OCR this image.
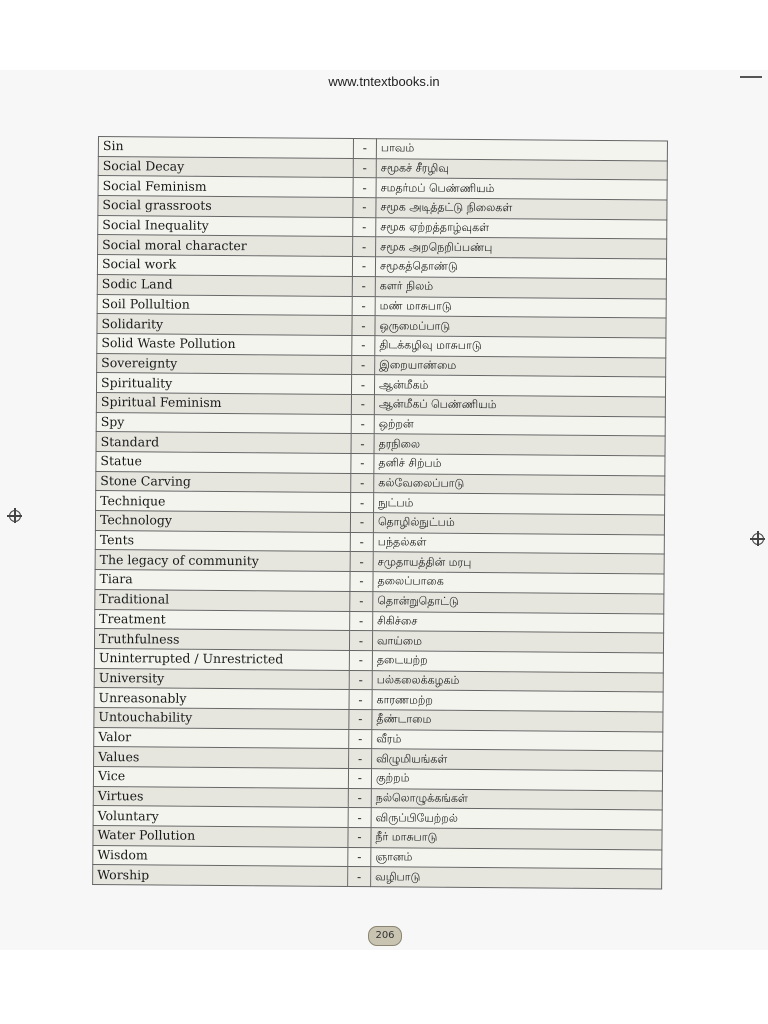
www.tntextbooks.in
Sin	-	பாவம்
Social Decay	-	சமூகச் சீரழிவு
Social Feminism	-	சமதர்மப் பெண்ணியம்
Social grassroots	-	சமூக அடித்தட்டு நிலைகள்
Social Inequality	-	சமூக ஏற்றத்தாழ்வுகள்
Social moral character	-	சமூக அறநெறிப்பண்பு
Social work	-	சமூகத்தொண்டு
Sodic Land	-	களர் நிலம்
Soil Pollultion	-	மண் மாசுபாடு
Solidarity	-	ஒருமைப்பாடு
Solid Waste Pollution	-	திடக்கழிவு மாசுபாடு
Sovereignty	-	இறையாண்மை
Spirituality	-	ஆன்மீகம்
Spiritual Feminism	-	ஆன்மீகப் பெண்ணியம்
Spy	-	ஒற்றன்
Standard	-	தரநிலை
Statue	-	தனிச் சிற்பம்
Stone Carving	-	கல்வேலைப்பாடு
Technique	-	நுட்பம்
Technology	-	தொழில்நுட்பம்
Tents	-	பந்தல்கள்
The legacy of community	-	சமுதாயத்தின் மரபு
Tiara	-	தலைப்பாகை
Traditional	-	தொன்றுதொட்டு
Treatment	-	சிகிச்சை
Truthfulness	-	வாய்மை
Uninterrupted / Unrestricted	-	தடையற்ற
University	-	பல்கலைக்கழகம்
Unreasonably	-	காரணமற்ற
Untouchability	-	தீண்டாமை
Valor	-	வீரம்
Values	-	விழுமியங்கள்
Vice	-	குற்றம்
Virtues	-	நல்லொழுக்கங்கள்
Voluntary	-	விருப்பியேற்றல்
Water Pollution	-	நீர் மாசுபாடு
Wisdom	-	ஞானம்
Worship	-	வழிபாடு
206
